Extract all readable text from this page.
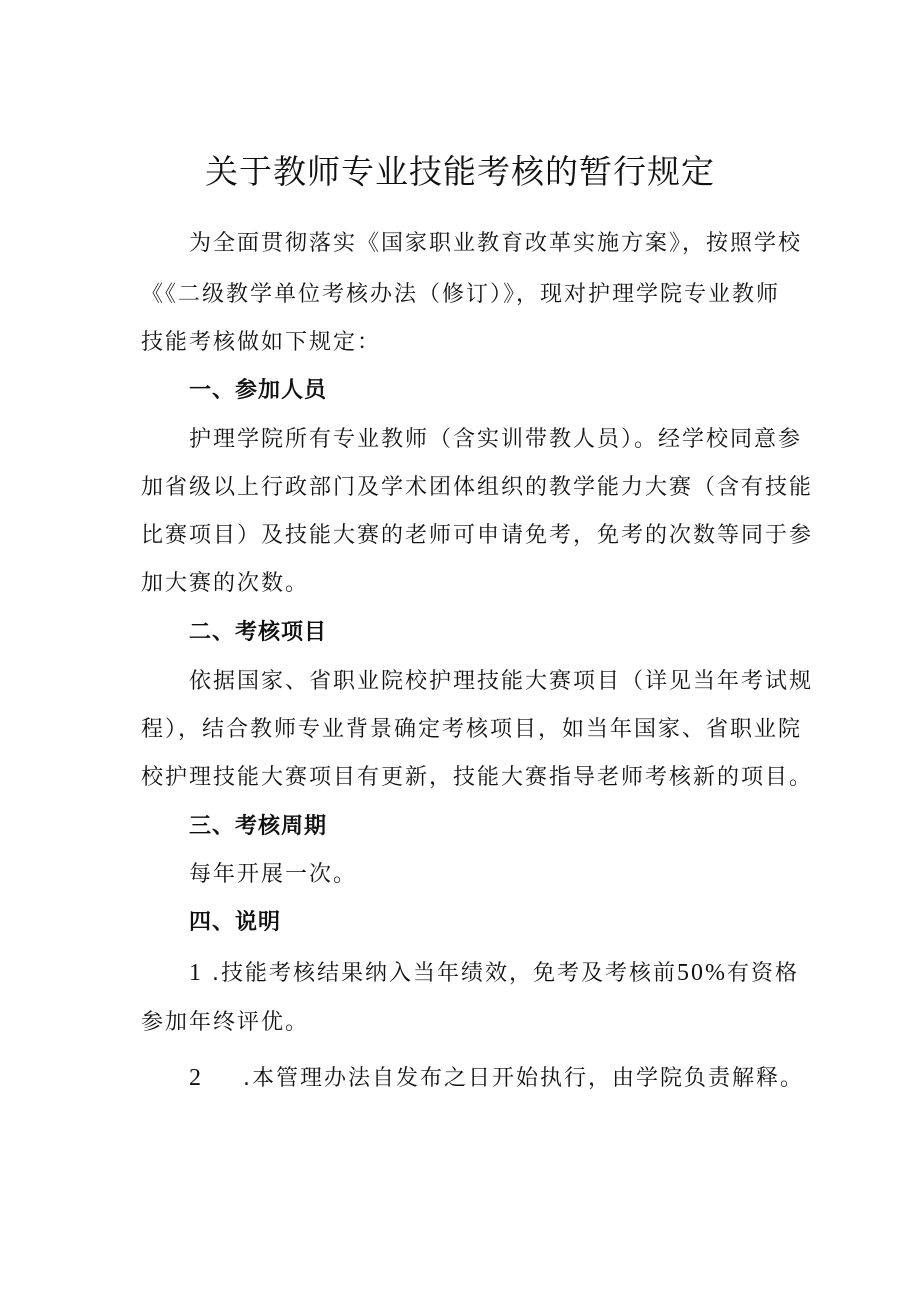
关于教师专业技能考核的暂行规定
为全面贯彻落实《国家职业教育改革实施方案》，按照学校
《《二级教学单位考核办法（修订）》，现对护理学院专业教师
技能考核做如下规定：
一、参加人员
护理学院所有专业教师（含实训带教人员）。经学校同意参
加省级以上行政部门及学术团体组织的教学能力大赛（含有技能
比赛项目）及技能大赛的老师可申请免考，免考的次数等同于参
加大赛的次数。
二、考核项目
依据国家、省职业院校护理技能大赛项目（详见当年考试规
程），结合教师专业背景确定考核项目，如当年国家、省职业院
校护理技能大赛项目有更新，技能大赛指导老师考核新的项目。
三、考核周期
每年开展一次。
四、说明
1 .技能考核结果纳入当年绩效，免考及考核前50%有资格
参加年终评优。
2 .本管理办法自发布之日开始执行，由学院负责解释。
